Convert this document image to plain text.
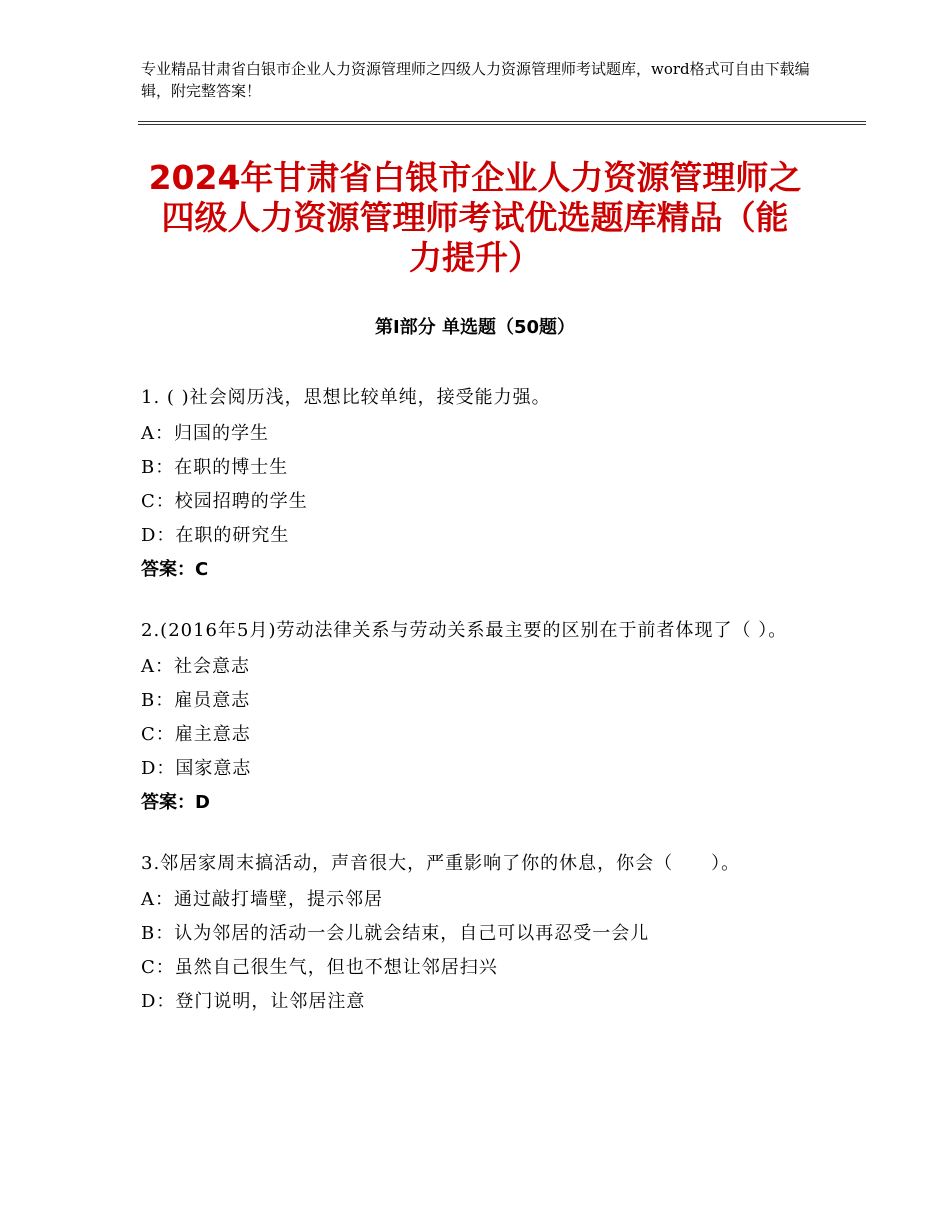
专业精品甘肃省白银市企业人力资源管理师之四级人力资源管理师考试题库，word格式可自由下载编辑，附完整答案！
2024年甘肃省白银市企业人力资源管理师之
四级人力资源管理师考试优选题库精品（能
力提升）
第Ⅰ部分 单选题（50题）
1. ( )社会阅历浅，思想比较单纯，接受能力强。
A：归国的学生
B：在职的博士生
C：校园招聘的学生
D：在职的研究生
答案：C
2.(2016年5月)劳动法律关系与劳动关系最主要的区别在于前者体现了（ ）。
A：社会意志
B：雇员意志
C：雇主意志
D：国家意志
答案：D
3.邻居家周末搞活动，声音很大，严重影响了你的休息，你会（　　）。
A：通过敲打墙壁，提示邻居
B：认为邻居的活动一会儿就会结束，自己可以再忍受一会儿
C：虽然自己很生气，但也不想让邻居扫兴
D：登门说明，让邻居注意
